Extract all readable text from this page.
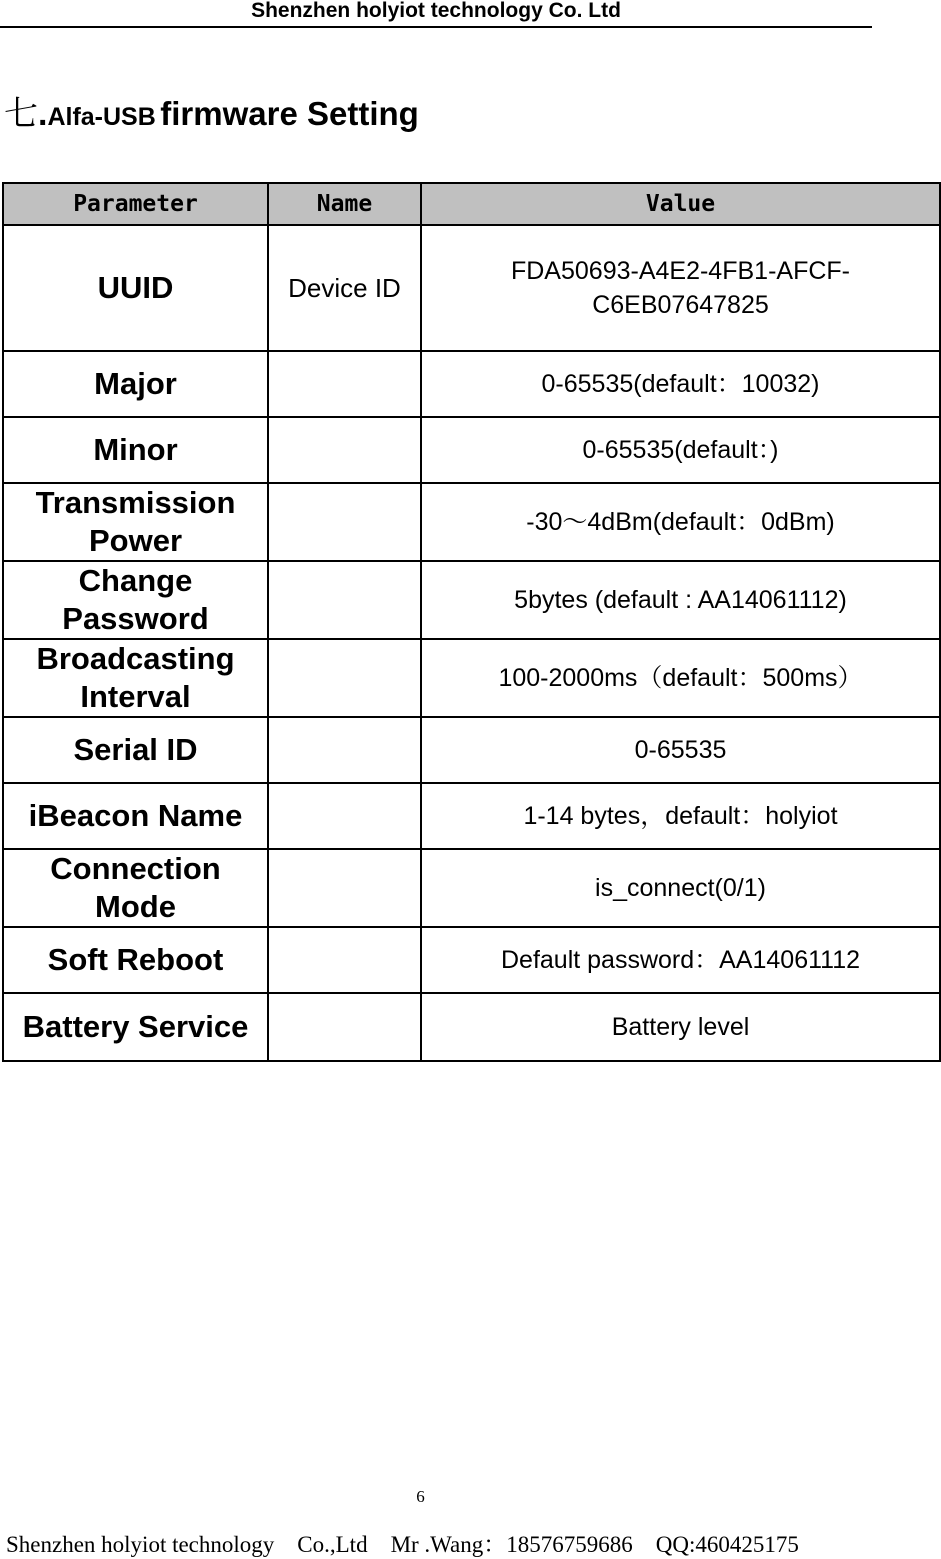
Shenzhen holyiot technology Co. Ltd
七.Alfa-USB firmware Setting
Parameter	Name	Value
UUID	Device ID	FDA50693-A4E2-4FB1-AFCF-C6EB07647825
Major		0-65535(default：10032)
Minor		0-65535(default：)
Transmission Power		-30～4dBm(default：0dBm)
Change Password		5bytes (default : AA14061112)
Broadcasting Interval		100-2000ms（default：500ms）
Serial ID		0-65535
iBeacon Name		1-14 bytes，default：holyiot
Connection Mode		is_connect(0/1)
Soft Reboot		Default password：AA14061112
Battery Service		Battery level
6
Shenzhen holyiot technology    Co.,Ltd    Mr .Wang：18576759686    QQ:460425175
